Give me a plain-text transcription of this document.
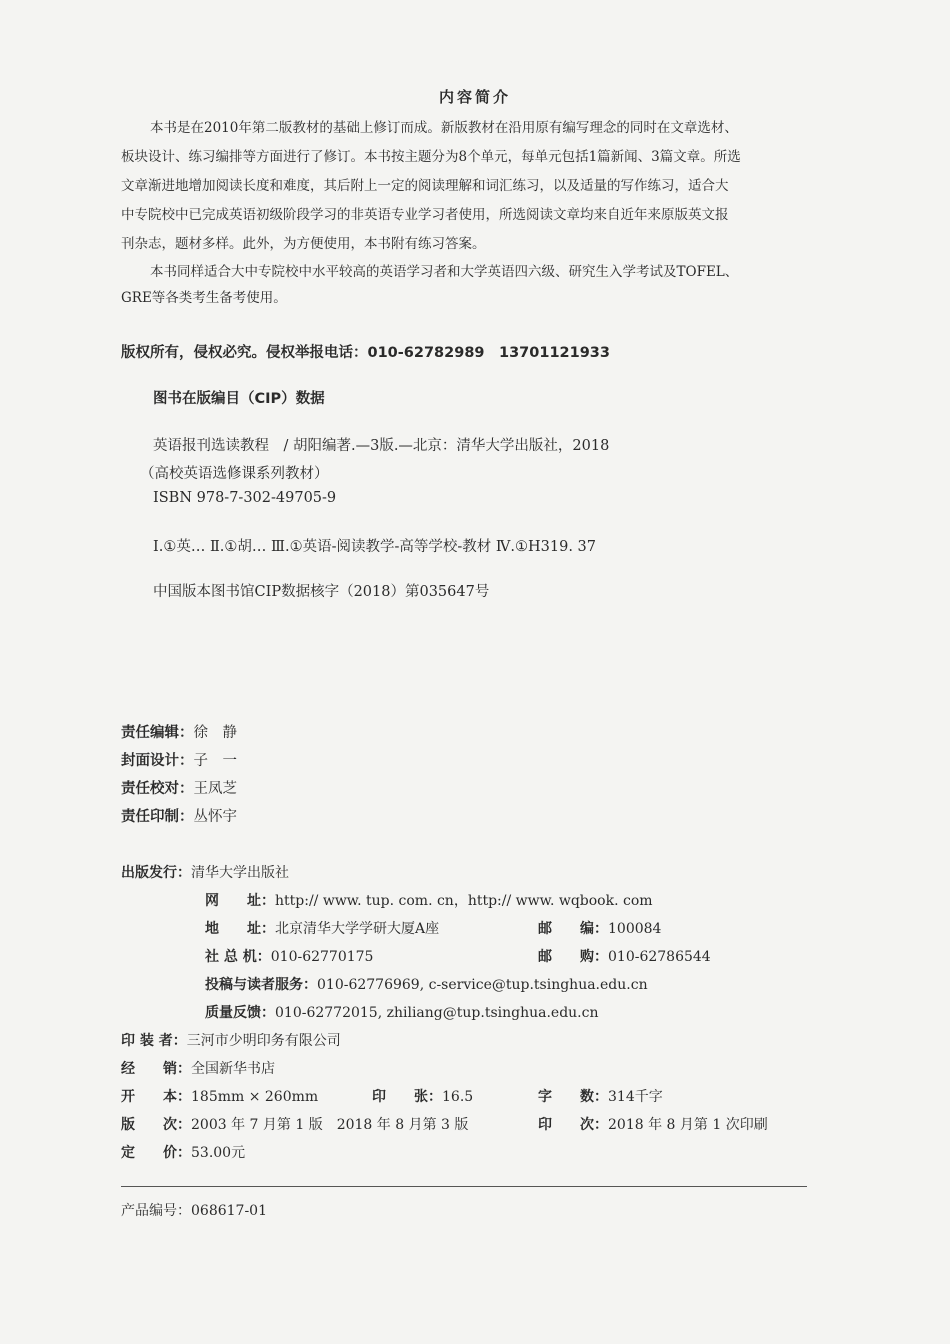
内容简介
本书是在2010年第二版教材的基础上修订而成。新版教材在沿用原有编写理念的同时在文章选材、
板块设计、练习编排等方面进行了修订。本书按主题分为8个单元，每单元包括1篇新闻、3篇文章。所选
文章渐进地增加阅读长度和难度，其后附上一定的阅读理解和词汇练习，以及适量的写作练习，适合大
中专院校中已完成英语初级阶段学习的非英语专业学习者使用，所选阅读文章均来自近年来原版英文报
刊杂志，题材多样。此外，为方便使用，本书附有练习答案。
本书同样适合大中专院校中水平较高的英语学习者和大学英语四六级、研究生入学考试及TOFEL、
GRE等各类考生备考使用。
版权所有，侵权必究。侵权举报电话：010-62782989　13701121933
图书在版编目（CIP）数据
英语报刊选读教程　/ 胡阳编著.—3版.—北京：清华大学出版社，2018
（高校英语选修课系列教材）
ISBN 978-7-302-49705-9
Ⅰ.①英… Ⅱ.①胡… Ⅲ.①英语-阅读教学-高等学校-教材 Ⅳ.①H319. 37
中国版本图书馆CIP数据核字（2018）第035647号
责任编辑：徐　静
封面设计：子　一
责任校对：王凤芝
责任印制：丛怀宇
出版发行：清华大学出版社
网　　址：http:// www. tup. com. cn，http:// www. wqbook. com
地　　址：北京清华大学学研大厦A座	邮　　编：100084
社 总 机：010-62770175	邮　　购：010-62786544
投稿与读者服务：010-62776969, c-service@tup.tsinghua.edu.cn
质量反馈：010-62772015, zhiliang@tup.tsinghua.edu.cn
印 装 者：三河市少明印务有限公司
经　　销：全国新华书店
开　　本：185mm × 260mm	印　　张：16.5	字　　数：314千字
版　　次：2003 年 7 月第 1 版　2018 年 8 月第 3 版	印　　次：2018 年 8 月第 1 次印刷
定　　价：53.00元
产品编号：068617-01
